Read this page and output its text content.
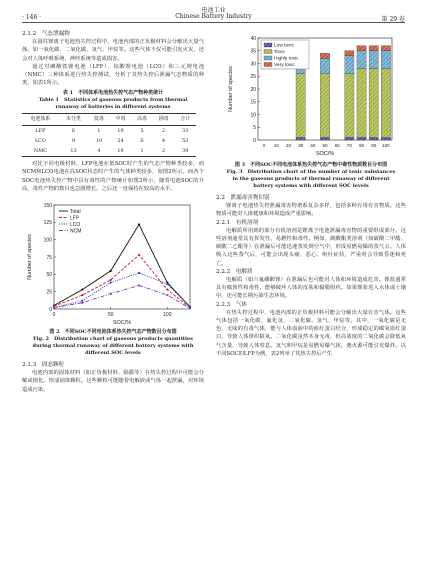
· 146 ·
电池工业
Chinese Battery Industry	第 29 卷
2.1.2　气态泄漏物

在圆柱锂离子电池热失控过程中，电池内部的正负极材料会分解出大量气体，如一氧化碳、二氧化碳、氢气、甲烷等。这些气体不仅可能引发火灾，还会对人体呼吸系统、神经系统等造成损害。

通过对磷酸铁锂电池（LFP）、钴酸锂电池（LCO）和三元锂电池（NMC）三种体系进行热失控测试，分析了其热失控后泄漏气态物质的种类，如表1所示。

表 1　不同体系电池热失控气态产物种类统计
Table 1　Statistics of gaseous products from thermal
runaway of batteries in different systems
电池体系	未分类	低毒	中毒	高毒	剧毒	合计
LFP	6	1	19	5	2	33
LCO	9	10	24	6	4	53
NMC	13	4	19	1	2	39

对比不同电极材料，LFP电池在低SOC时产生的气态产物种类较多，而NCM和LCO电池在高SOC状态时产生的气体种类较多，如图2所示。而各个SOC电池热失控产物中具有毒性的产物统计如图3所示，随着电池SOC的升高，毒性产物的数目也急剧增长，之后还一直保持在较高的水平。

0
25
50
75
100
125
150
0	50	100
SOC/%
Number of species
Total
LFP
LCO
NCM
图 2　不同SOC不同电池体系热失控气态产物数目分布图
Fig. 2　Distribution chart of gaseous products quantities
during thermal runaway of different battery systems with
different SOC levels
2.1.3　固态颗粒

电池内部的固体材料（如正负极材料、隔膜等）在热失控过程中可能会分解或熔化，形成固体颗粒。这些颗粒可能随着电解液或气体一起泄漏，对环境造成污染。

0
5
10
15
20
25
30
35
40
0 10 20 30 40 50 60 70 80 90 100
SOC/%
Number of species
Low toxic
Toxic
Highly toxic
Very toxic
图 3　不同SOC不同电池体系热失控气态产物中毒性物质数目分布图
Fig. 3　Distribution chart of the number of toxic substances
in the gaseous products of thermal runaway of different
battery systems with different SOC levels
2.2　泄漏毒害物识别

锂离子电池热失控泄漏毒害物谱系复杂多样，包括多种有毒有害物质。这些物质可能对人体健康和环境造成严重影响。

2.2.1　有机溶剂

电解质所用到的部分有机溶剂是锂离子电池泄漏毒害物的重要组成部分。这些溶剂通常具有挥发性、易燃性和毒性。例如，碳酸酯类溶剂（如碳酸二甲酯、碳酸二乙酯等）在泄漏后可能迅速蒸发到空气中，形成易燃易爆的蒸气云。人体吸入这些蒸气后，可能会出现头痛、恶心、呕吐症状，严重时会导致昏迷和死亡。

2.2.2　电解质

电解质（如六氟磷酸锂）在泄漏后也可能对人体和环境造成危害。锂盐通常具有腐蚀性和毒性，能够破坏人体的皮肤和黏膜组织。如果锂盐进入水体或土壤中，还可能长期污染生态环境。

2.2.3　气体

在热失控过程中，电池内部的正负极材料可能会分解出大量有害气体。这些气体包括一氧化碳、氟化氢、二氧化碳、氢气、甲烷等。其中，一氧化碳是无色、无味的有毒气体，能与人体血液中的血红蛋白结合，形成稳定的碳氧血红蛋白，导致人体组织缺氧。二氧化碳虽然本身无毒，但高浓度的二氧化碳会降低氧气含量，导致人体窒息。氢气和甲烷是易燃易爆气体，遇火源可能引发爆炸。以不同SOC的LFP为例，表2列举了其热失控后产生
